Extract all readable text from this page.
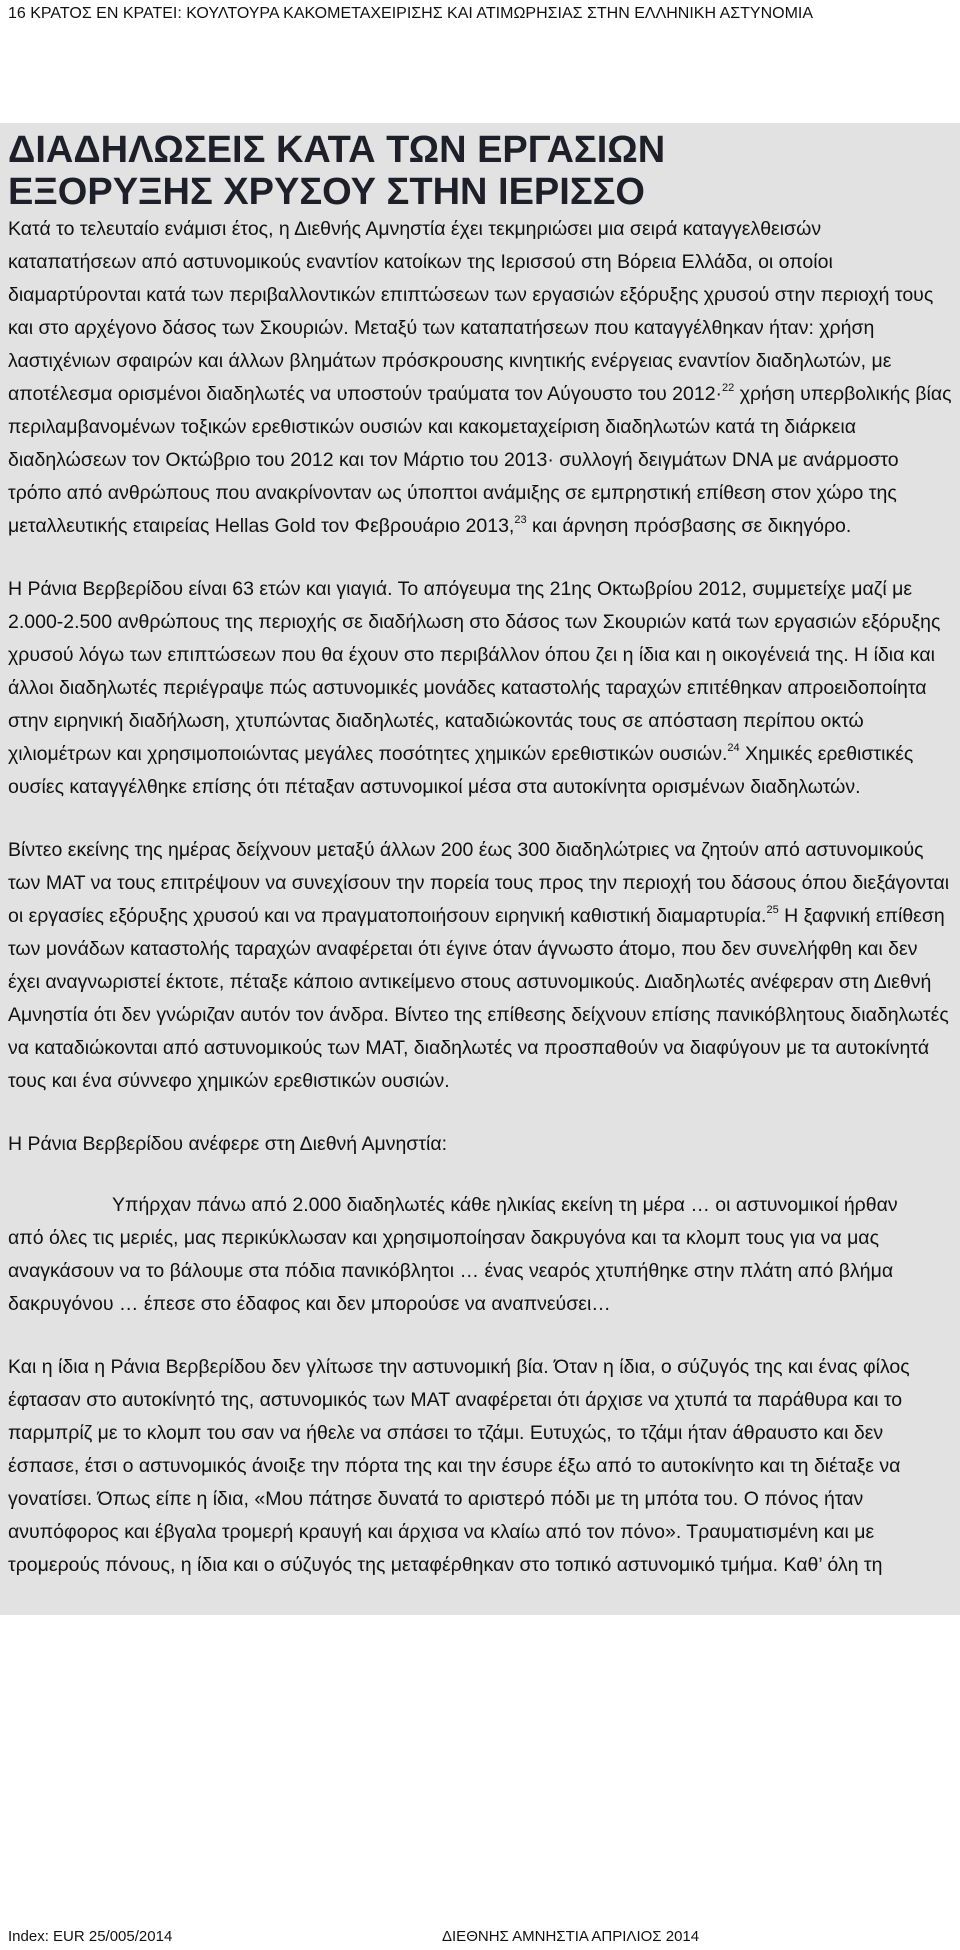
16 ΚΡΑΤΟΣ ΕΝ ΚΡΑΤΕΙ: ΚΟΥΛΤΟΥΡΑ ΚΑΚΟΜΕΤΑΧΕΙΡΙΣΗΣ ΚΑΙ ΑΤΙΜΩΡΗΣΙΑΣ ΣΤΗΝ ΕΛΛΗΝΙΚΗ ΑΣΤΥΝΟΜΙΑ
ΔΙΑΔΗΛΩΣΕΙΣ ΚΑΤΑ ΤΩΝ ΕΡΓΑΣΙΩΝ
ΕΞΟΡΥΞΗΣ ΧΡΥΣΟΥ ΣΤΗΝ ΙΕΡΙΣΣΟ

Κατά το τελευταίο ενάμισι έτος, η Διεθνής Αμνηστία έχει τεκμηριώσει μια σειρά καταγγελθεισών καταπατήσεων από αστυνομικούς εναντίον κατοίκων της Ιερισσού στη Βόρεια Ελλάδα, οι οποίοι διαμαρτύρονται κατά των περιβαλλοντικών επιπτώσεων των εργασιών εξόρυξης χρυσού στην περιοχή τους και στο αρχέγονο δάσος των Σκουριών. Μεταξύ των καταπατήσεων που καταγγέλθηκαν ήταν: χρήση λαστιχένιων σφαιρών και άλλων βλημάτων πρόσκρουσης κινητικής ενέργειας εναντίον διαδηλωτών, με αποτέλεσμα ορισμένοι διαδηλωτές να υποστούν τραύματα τον Αύγουστο του 2012·$^{22}$ χρήση υπερβολικής βίας περιλαμβανομένων τοξικών ερεθιστικών ουσιών και κακομεταχείριση διαδηλωτών κατά τη διάρκεια διαδηλώσεων τον Οκτώβριο του 2012 και τον Μάρτιο του 2013· συλλογή δειγμάτων DNA με ανάρμοστο τρόπο από ανθρώπους που ανακρίνονταν ως ύποπτοι ανάμιξης σε εμπρηστική επίθεση στον χώρο της μεταλλευτικής εταιρείας Hellas Gold τον Φεβρουάριο 2013,23 και άρνηση πρόσβασης σε δικηγόρο.

Η Ράνια Βερβερίδου είναι 63 ετών και γιαγιά. Το απόγευμα της 21ης Οκτωβρίου 2012, συμμετείχε μαζί με 2.000-2.500 ανθρώπους της περιοχής σε διαδήλωση στο δάσος των Σκουριών κατά των εργασιών εξόρυξης χρυσού λόγω των επιπτώσεων που θα έχουν στο περιβάλλον όπου ζει η ίδια και η οικογένειά της. Η ίδια και άλλοι διαδηλωτές περιέγραψε πώς αστυνομικές μονάδες καταστολής ταραχών επιτέθηκαν απροειδοποίητα στην ειρηνική διαδήλωση, χτυπώντας διαδηλωτές, καταδιώκοντάς τους σε απόσταση περίπου οκτώ χιλιομέτρων και χρησιμοποιώντας μεγάλες ποσότητες χημικών ερεθιστικών ουσιών.$^{24}$ Χημικές ερεθιστικές ουσίες καταγγέλθηκε επίσης ότι πέταξαν αστυνομικοί μέσα στα αυτοκίνητα ορισμένων διαδηλωτών.

Βίντεο εκείνης της ημέρας δείχνουν μεταξύ άλλων 200 έως 300 διαδηλώτριες να ζητούν από αστυνομικούς των ΜΑΤ να τους επιτρέψουν να συνεχίσουν την πορεία τους προς την περιοχή του δάσους όπου διεξάγονται οι εργασίες εξόρυξης χρυσού και να πραγματοποιήσουν ειρηνική καθιστική διαμαρτυρία.$^{25}$ Η ξαφνική επίθεση των μονάδων καταστολής ταραχών αναφέρεται ότι έγινε όταν άγνωστο άτομο, που δεν συνελήφθη και δεν έχει αναγνωριστεί έκτοτε, πέταξε κάποιο αντικείμενο στους αστυνομικούς. Διαδηλωτές ανέφεραν στη Διεθνή Αμνηστία ότι δεν γνώριζαν αυτόν τον άνδρα. Βίντεο της επίθεσης δείχνουν επίσης πανικόβλητους διαδηλωτές να καταδιώκονται από αστυνομικούς των ΜΑΤ, διαδηλωτές να προσπαθούν να διαφύγουν με τα αυτοκίνητά τους και ένα σύννεφο χημικών ερεθιστικών ουσιών.

Η Ράνια Βερβερίδου ανέφερε στη Διεθνή Αμνηστία:

Υπήρχαν πάνω από 2.000 διαδηλωτές κάθε ηλικίας εκείνη τη μέρα … οι αστυνομικοί ήρθαν
από όλες τις μεριές, μας περικύκλωσαν και χρησιμοποίησαν δακρυγόνα και τα κλομπ τους για να μας αναγκάσουν να το βάλουμε στα πόδια πανικόβλητοι … ένας νεαρός χτυπήθηκε στην πλάτη από βλήμα δακρυγόνου … έπεσε στο έδαφος και δεν μπορούσε να αναπνεύσει…

Και η ίδια η Ράνια Βερβερίδου δεν γλίτωσε την αστυνομική βία. Όταν η ίδια, ο σύζυγός της και ένας φίλος έφτασαν στο αυτοκίνητό της, αστυνομικός των ΜΑΤ αναφέρεται ότι άρχισε να χτυπά τα παράθυρα και το παρμπρίζ με το κλομπ του σαν να ήθελε να σπάσει το τζάμι. Ευτυχώς, το τζάμι ήταν άθραυστο και δεν έσπασε, έτσι ο αστυνομικός άνοιξε την πόρτα της και την έσυρε έξω από το αυτοκίνητο και τη διέταξε να γονατίσει. Όπως είπε η ίδια, «Μου πάτησε δυνατά το αριστερό πόδι με τη μπότα του. Ο πόνος ήταν ανυπόφορος και έβγαλα τρομερή κραυγή και άρχισα να κλαίω από τον πόνο». Τραυματισμένη και με τρομερούς πόνους, η ίδια και ο σύζυγός της μεταφέρθηκαν στο τοπικό αστυνομικό τμήμα. Καθ’ όλη τη

Index: EUR 25/005/2014	ΔΙΕΘΝΗΣ ΑΜΝΗΣΤΙΑ ΑΠΡΙΛΙΟΣ 2014
